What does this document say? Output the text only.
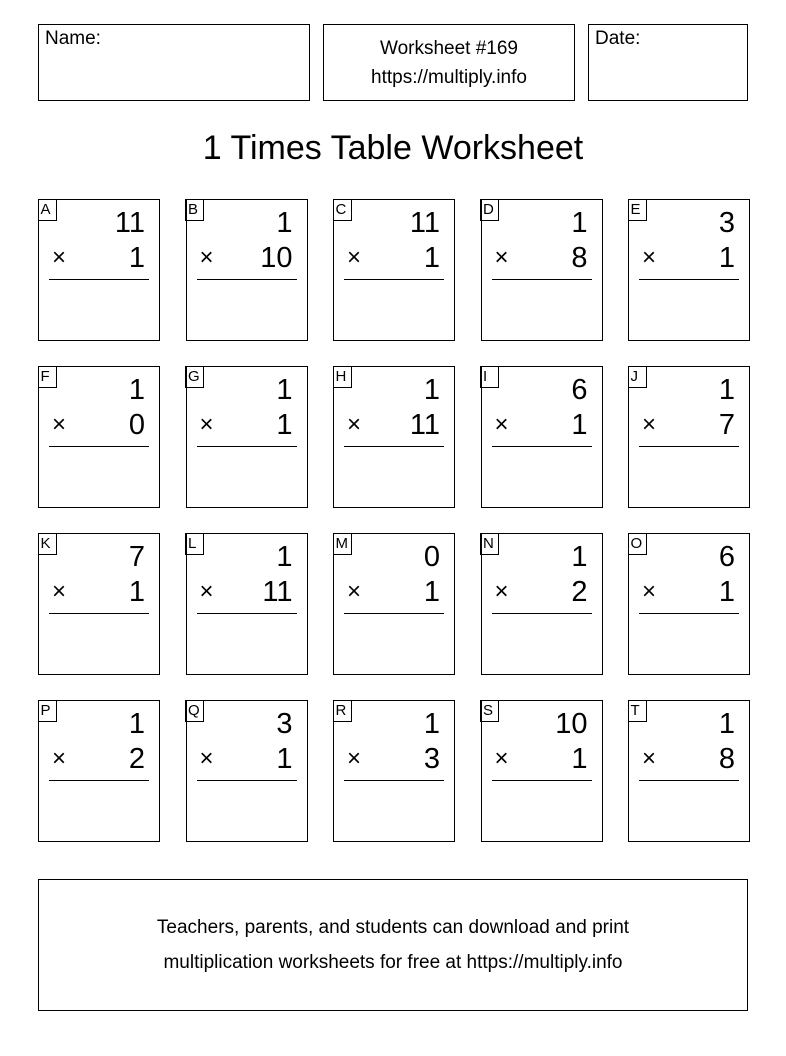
Name:	Worksheet #169
https://multiply.info
Date:
1 Times Table Worksheet
A 11
× 1
B	1
× 10
C 11
× 1
D	1
× 8
E	3
× 1
F	1
× 0
G	1
× 1
H	1
× 11
I	6
× 1
J	1
× 7
K	7
× 1
L	1
× 11
M	0
× 1
N	1
× 2
O	6
× 1
P	1
× 2
Q	3
× 1
R	1
× 3
S 10
× 1
T	1
× 8
Teachers, parents, and students can download and print
multiplication worksheets for free at https://multiply.info
